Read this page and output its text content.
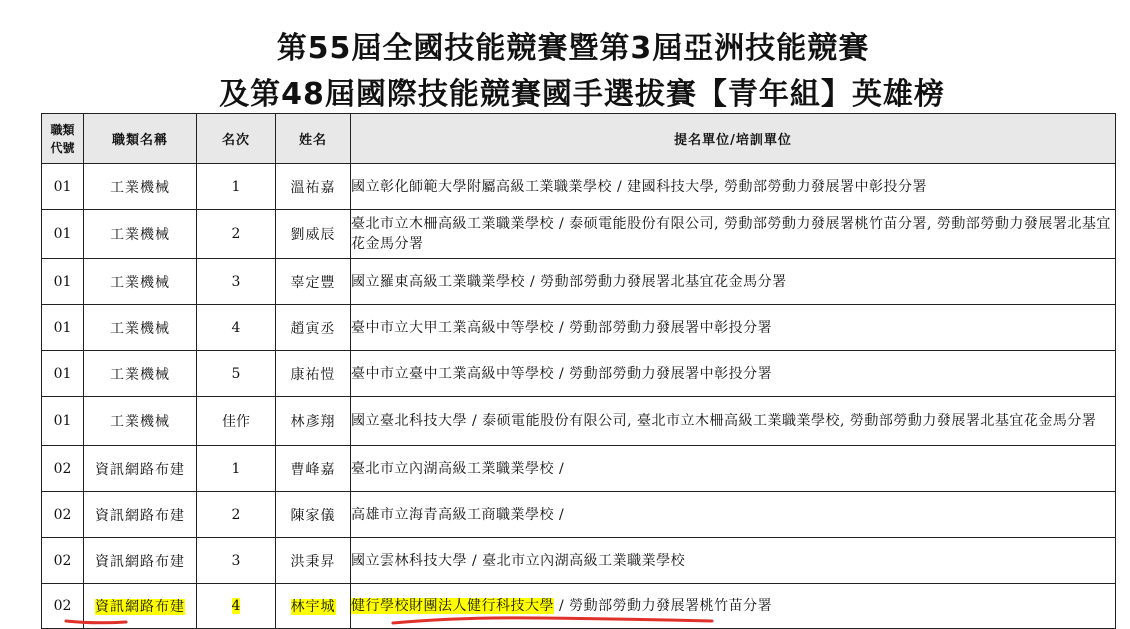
第55屆全國技能競賽暨第3屆亞洲技能競賽
及第48屆國際技能競賽國手選拔賽【青年組】英雄榜
職類
代號	職類名稱	名次	姓名	提名單位/培訓單位
01	工業機械	1	溫祐嘉	國立彰化師範大學附屬高級工業職業學校 / 建國科技大學, 勞動部勞動力發展署中彰投分署
01	工業機械	2	劉威辰	臺北市立木柵高級工業職業學校 / 泰硕電能股份有限公司, 勞動部勞動力發展署桃竹苗分署, 勞動部勞動力發展署北基宜花金馬分署
01	工業機械	3	辜定豐	國立羅東高級工業職業學校 / 勞動部勞動力發展署北基宜花金馬分署
01	工業機械	4	趙寅丞	臺中市立大甲工業高級中等學校 / 勞動部勞動力發展署中彰投分署
01	工業機械	5	康祐愷	臺中市立臺中工業高級中等學校 / 勞動部勞動力發展署中彰投分署
01	工業機械	佳作	林彥翔	國立臺北科技大學 / 泰硕電能股份有限公司, 臺北市立木柵高級工業職業學校, 勞動部勞動力發展署北基宜花金馬分署
02	資訊網路布建	1	曹峰嘉	臺北市立內湖高級工業職業學校 /
02	資訊網路布建	2	陳家儀	高雄市立海青高級工商職業學校 /
02	資訊網路布建	3	洪秉昇	國立雲林科技大學 / 臺北市立內湖高級工業職業學校
02	資訊網路布建	4	林宇城	健行學校財團法人健行科技大學 / 勞動部勞動力發展署桃竹苗分署
